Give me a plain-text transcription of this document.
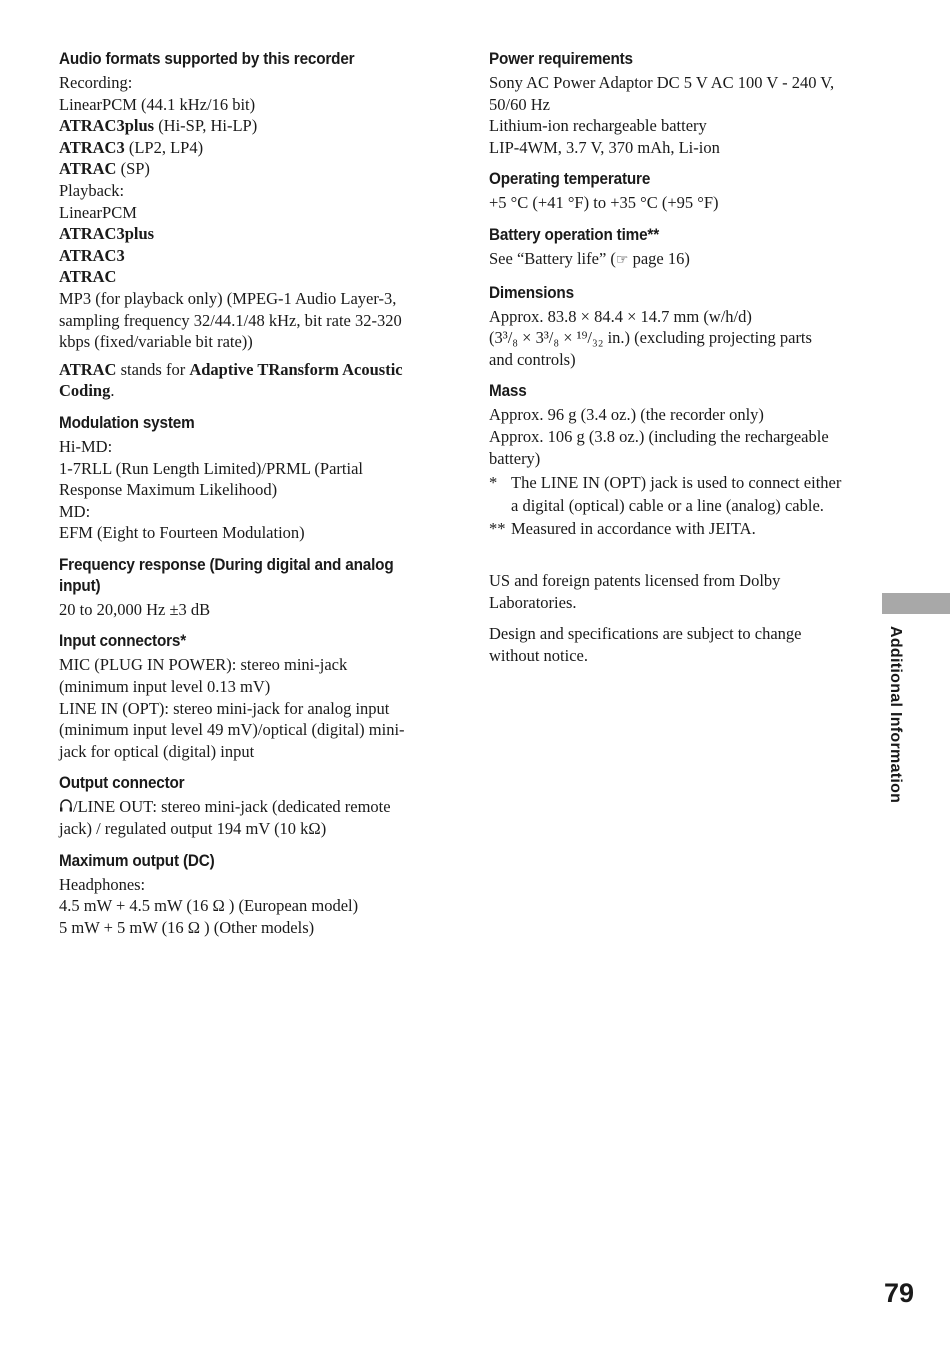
Audio formats supported by this recorder

Recording:

LinearPCM (44.1 kHz/16 bit)

ATRAC3plus (Hi-SP, Hi-LP)

ATRAC3 (LP2, LP4)

ATRAC (SP)

Playback:

LinearPCM

ATRAC3plus

ATRAC3

ATRAC

MP3 (for playback only) (MPEG-1 Audio Layer-3,

sampling frequency 32/44.1/48 kHz, bit rate 32-320

kbps (fixed/variable bit rate))

ATRAC stands for Adaptive TRansform Acoustic

Coding.

Modulation system

Hi-MD:

1-7RLL (Run Length Limited)/PRML (Partial

Response Maximum Likelihood)

MD:

EFM (Eight to Fourteen Modulation)

Frequency response (During digital and analog
input)

20 to 20,000 Hz ±3 dB

Input connectors*

MIC (PLUG IN POWER): stereo mini-jack

(minimum input level 0.13 mV)

LINE IN (OPT): stereo mini-jack for analog input

(minimum input level 49 mV)/optical (digital) mini-

jack for optical (digital) input

Output connector

/LINE OUT: stereo mini-jack (dedicated remote

jack) / regulated output 194 mV (10 kΩ)

Maximum output (DC)

Headphones:

4.5 mW + 4.5 mW (16 Ω ) (European model)

5 mW + 5 mW (16 Ω ) (Other models)

Power requirements

Sony AC Power Adaptor DC 5 V AC 100 V - 240 V,

50/60 Hz

Lithium-ion rechargeable battery

LIP-4WM, 3.7 V, 370 mAh, Li-ion

Operating temperature

+5 °C (+41 °F) to +35 °C (+95 °F)

Battery operation time**

See “Battery life” (☞ page 16)

Dimensions

Approx. 83.8 × 84.4 × 14.7 mm (w/h/d)

(3³/₈ × 3³/₈ × ¹⁹/₃₂ in.) (excluding projecting parts

and controls)

Mass

Approx. 96 g (3.4 oz.) (the recorder only)

Approx. 106 g (3.8 oz.) (including the rechargeable

battery)

* The LINE IN (OPT) jack is used to connect either
a digital (optical) cable or a line (analog) cable.
** Measured in accordance with JEITA.

US and foreign patents licensed from Dolby

Laboratories.

Design and specifications are subject to change

without notice.	Additional Information
79
